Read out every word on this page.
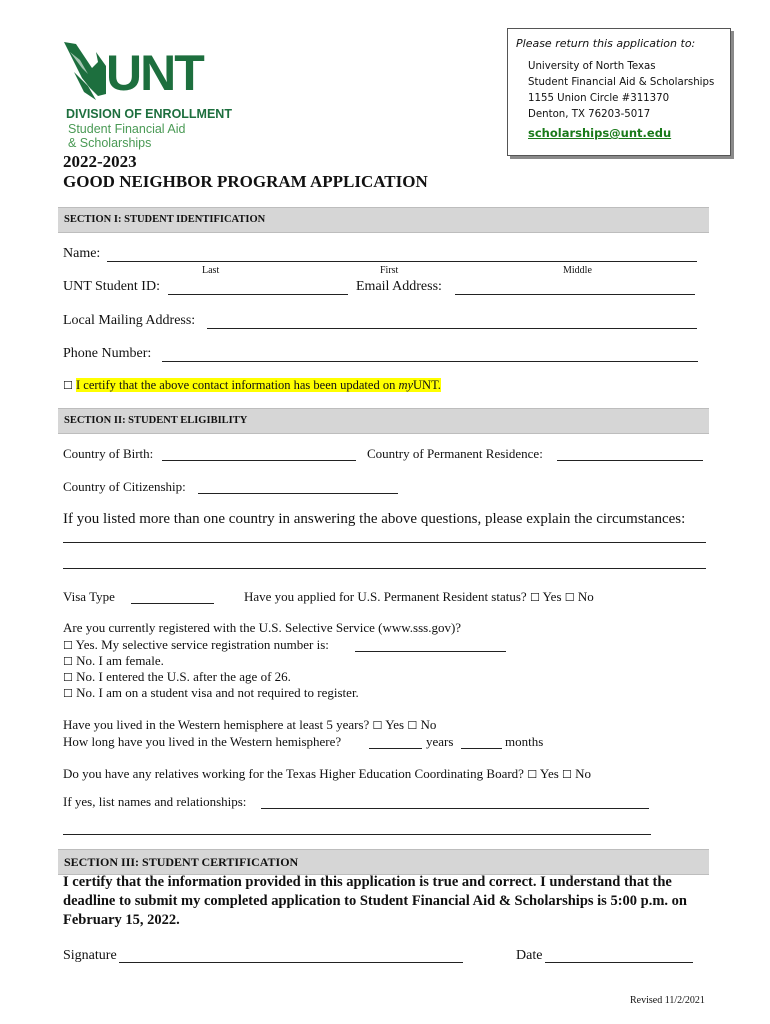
UNT
DIVISION OF ENROLLMENT
Student Financial Aid
& Scholarships
Please return this application to:
University of North Texas
Student Financial Aid & Scholarships
1155 Union Circle #311370
Denton, TX 76203-5017
scholarships@unt.edu
2022-2023
GOOD NEIGHBOR PROGRAM APPLICATION
SECTION I: STUDENT IDENTIFICATION
Name:
Last	First	Middle
UNT Student ID:	Email Address:
Local Mailing Address:
Phone Number:
☐ I certify that the above contact information has been updated on myUNT.
SECTION II: STUDENT ELIGIBILITY
Country of Birth:	Country of Permanent Residence:
Country of Citizenship:
If you listed more than one country in answering the above questions, please explain the circumstances:
Visa Type	Have you applied for U.S. Permanent Resident status? ☐ Yes ☐ No
Are you currently registered with the U.S. Selective Service (www.sss.gov)?
☐ Yes. My selective service registration number is:
☐ No. I am female.
☐ No. I entered the U.S. after the age of 26.
☐ No. I am on a student visa and not required to register.
Have you lived in the Western hemisphere at least 5 years? ☐ Yes ☐ No
How long have you lived in the Western hemisphere?	years	months
Do you have any relatives working for the Texas Higher Education Coordinating Board? ☐ Yes ☐ No
If yes, list names and relationships:
SECTION III: STUDENT CERTIFICATION
I certify that the information provided in this application is true and correct. I understand that the deadline to submit my completed application to Student Financial Aid & Scholarships is 5:00 p.m. on February 15, 2022.
Signature	Date
Revised 11/2/2021
